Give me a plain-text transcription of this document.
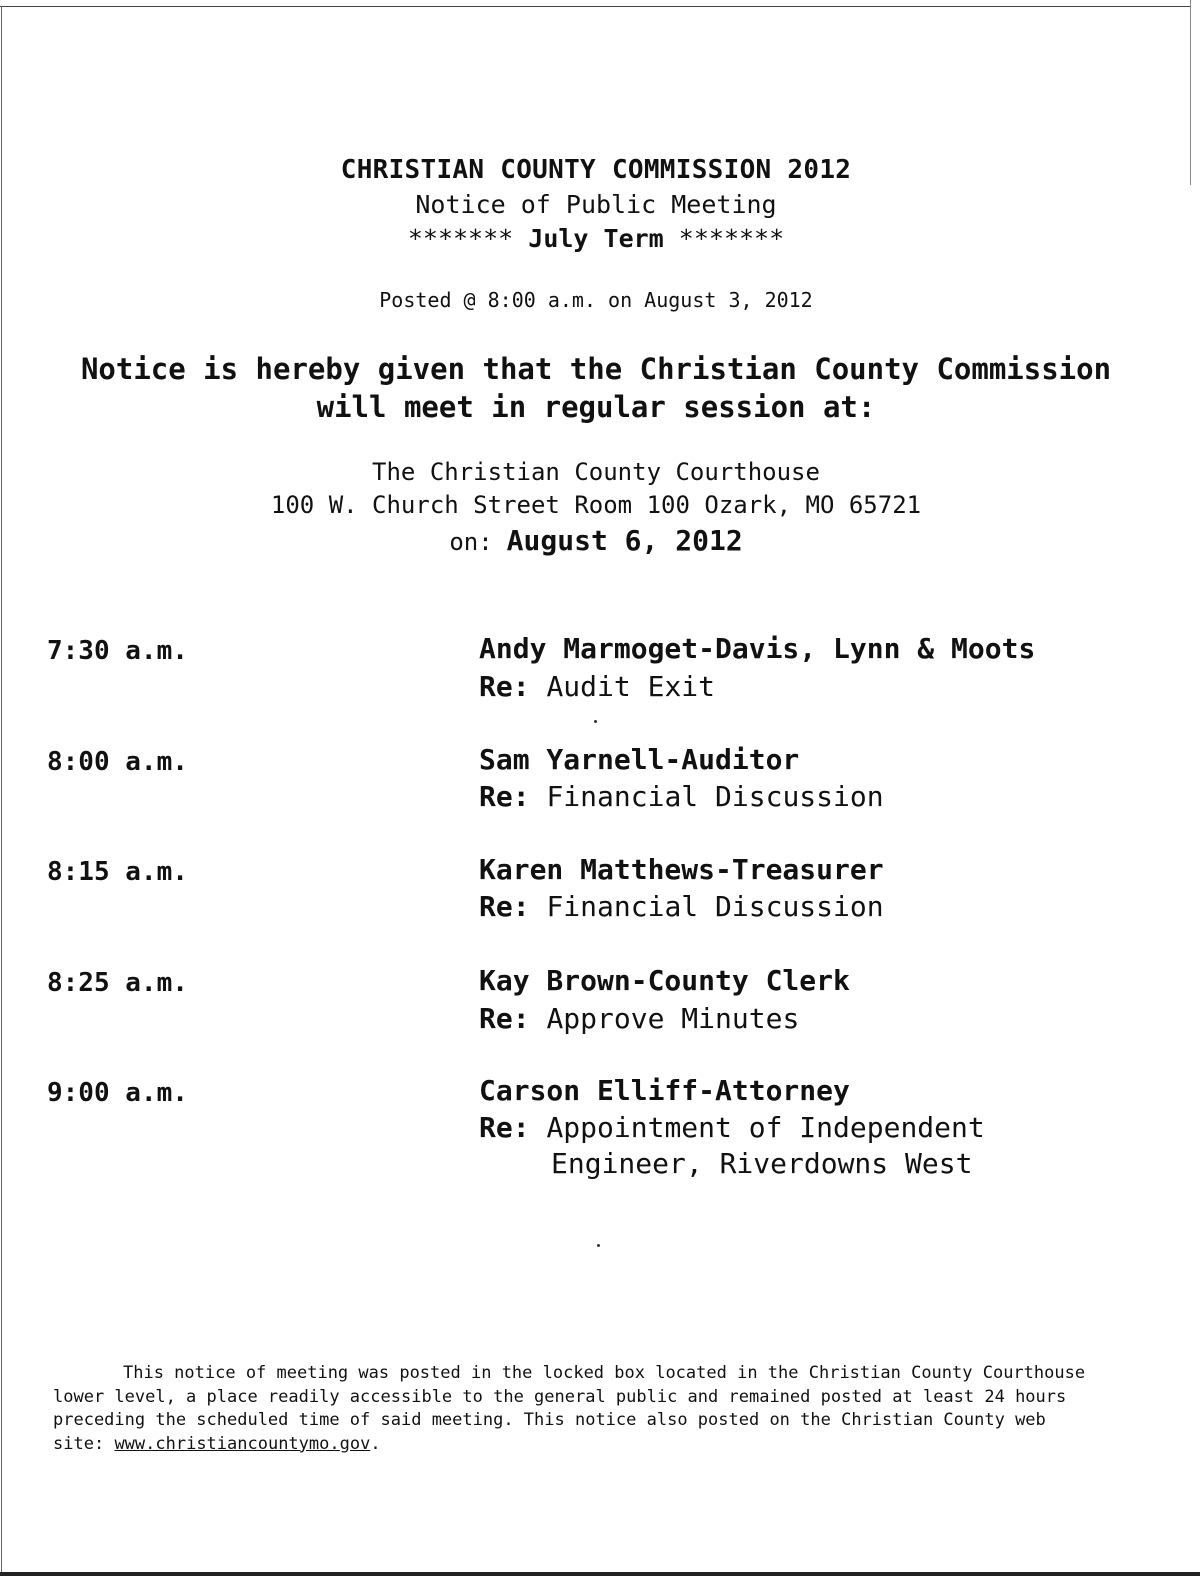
CHRISTIAN COUNTY COMMISSION 2012
Notice of Public Meeting
******* July Term *******
Posted @ 8:00 a.m. on August 3, 2012
Notice is hereby given that the Christian County Commission
will meet in regular session at:
The Christian County Courthouse
100 W. Church Street Room 100 Ozark, MO 65721
on: August 6, 2012
7:30 a.m.	Andy Marmoget-Davis, Lynn & Moots
Re: Audit Exit
8:00 a.m.	Sam Yarnell-Auditor
Re: Financial Discussion
8:15 a.m.	Karen Matthews-Treasurer
Re: Financial Discussion
8:25 a.m.	Kay Brown-County Clerk
Re: Approve Minutes
9:00 a.m.	Carson Elliff-Attorney
Re: Appointment of Independent
Engineer, Riverdowns West
This notice of meeting was posted in the locked box located in the Christian County Courthouse
lower level, a place readily accessible to the general public and remained posted at least 24 hours
preceding the scheduled time of said meeting. This notice also posted on the Christian County web
site: www.christiancountymo.gov.
